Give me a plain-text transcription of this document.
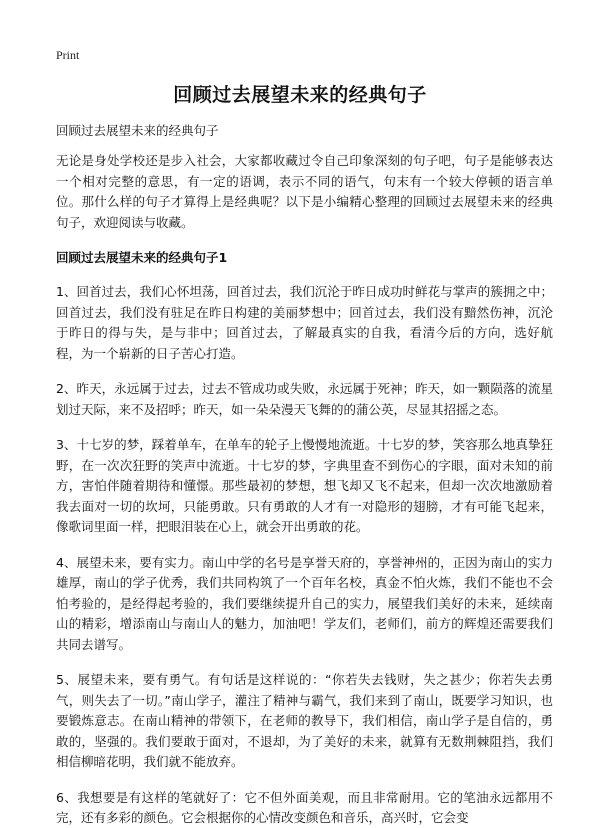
Print
回顾过去展望未来的经典句子

回顾过去展望未来的经典句子

无论是身处学校还是步入社会，大家都收藏过令自己印象深刻的句子吧，句子是能够表达一个相对完整的意思，有一定的语调，表示不同的语气，句末有一个较大停顿的语言单位。那什么样的句子才算得上是经典呢？以下是小编精心整理的回顾过去展望未来的经典句子，欢迎阅读与收藏。

回顾过去展望未来的经典句子1

1、回首过去，我们心怀坦荡，回首过去，我们沉沦于昨日成功时鲜花与掌声的簇拥之中；回首过去，我们没有驻足在昨日构建的美丽梦想中；回首过去，我们没有黯然伤神，沉沦于昨日的得与失，是与非中；回首过去，了解最真实的自我，看清今后的方向，选好航程，为一个崭新的日子苦心打造。

2、昨天，永远属于过去，过去不管成功或失败，永远属于死神；昨天，如一颗陨落的流星划过天际，来不及招呼；昨天，如一朵朵漫天飞舞的的蒲公英，尽显其招摇之态。

3、十七岁的梦，踩着单车，在单车的轮子上慢慢地流逝。十七岁的梦，笑容那么地真挚狂野，在一次次狂野的笑声中流逝。十七岁的梦，字典里查不到伤心的字眼，面对未知的前方，害怕伴随着期待和懂憬。那些最初的梦想，想飞却又飞不起来，但却一次次地激励着我去面对一切的坎坷，只能勇敢。只有勇敢的人才有一对隐形的翅膀，才有可能飞起来，像歌词里面一样，把眼泪装在心上，就会开出勇敢的花。

4、展望未来，要有实力。南山中学的名号是享誉天府的，享誉神州的，正因为南山的实力雄厚，南山的学子优秀，我们共同构筑了一个百年名校，真金不怕火炼，我们不能也不会怕考验的，是经得起考验的，我们要继续提升自己的实力，展望我们美好的未来，延续南山的精彩，增添南山与南山人的魅力，加油吧！学友们，老师们，前方的辉煌还需要我们共同去谱写。

5、展望未来，要有勇气。有句话是这样说的：“你若失去钱财，失之甚少；你若失去勇气，则失去了一切。”南山学子，灌注了精神与霸气，我们来到了南山，既要学习知识，也要锻炼意志。在南山精神的带领下，在老师的教导下，我们相信，南山学子是自信的，勇敢的，坚强的。我们要敢于面对，不退却，为了美好的未来，就算有无数荆棘阻挡，我们相信柳暗花明，我们就不能放弃。

6、我想要是有这样的笔就好了：它不但外面美观，而且非常耐用。它的笔油永远都用不完，还有多彩的颜色。它会根据你的心情改变颜色和音乐，高兴时，它会变
